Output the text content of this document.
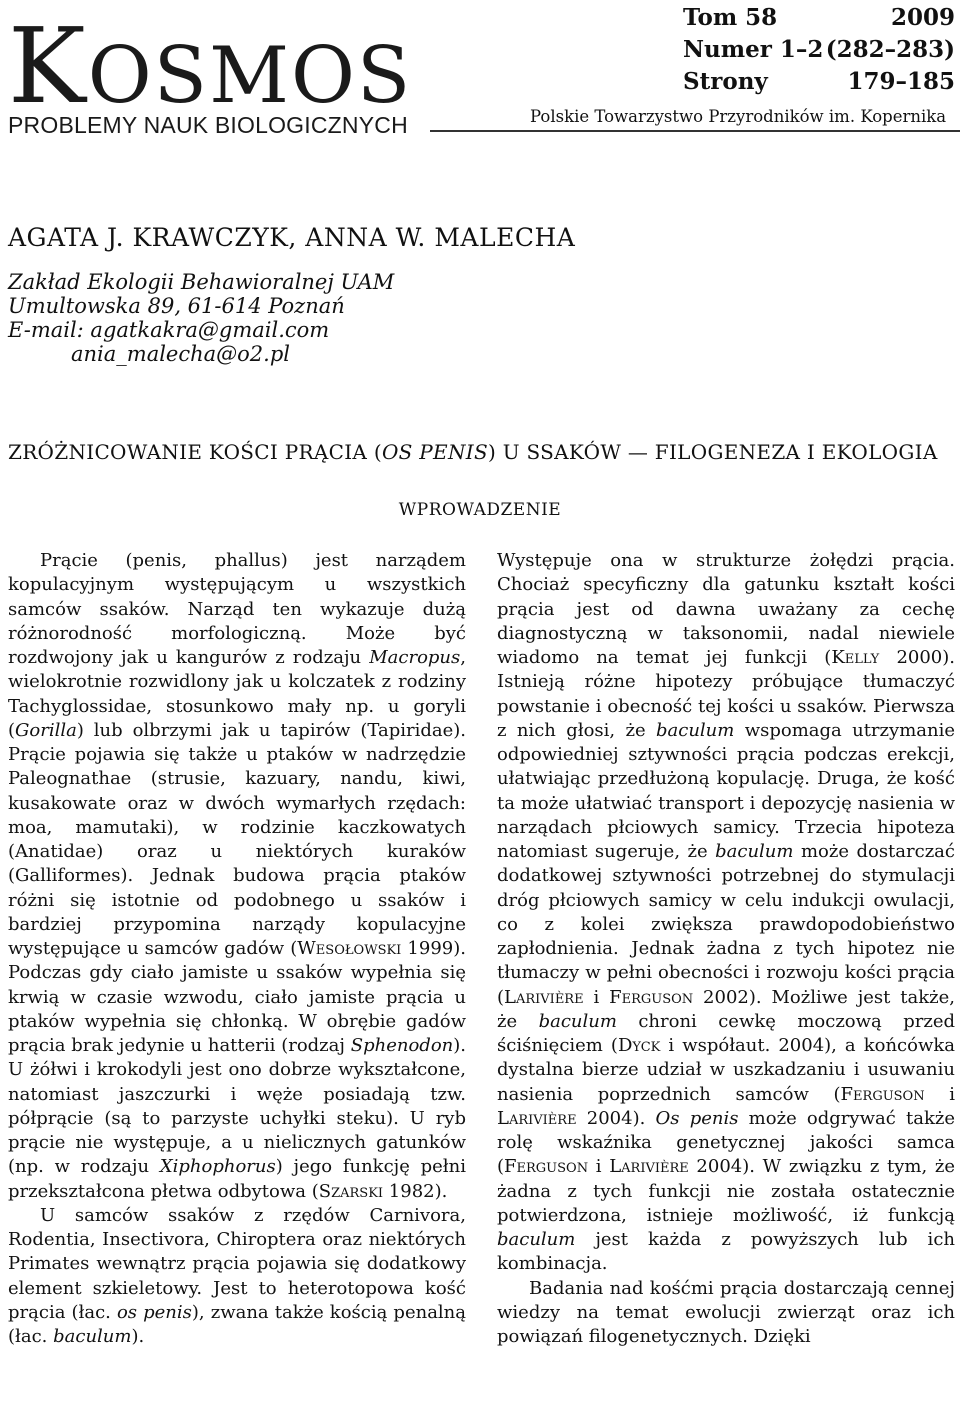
KOSMOS
PROBLEMY NAUK BIOLOGICZNYCH
Tom 58	2009
Numer 1–2 (282–283)
Strony	179–185
Polskie Towarzystwo Przyrodników im. Kopernika
AGATA J. KRAWCZYK, ANNA W. MALECHA
Zakład Ekologii Behawioralnej UAM
Umultowska 89, 61-614 Poznań
E-mail: agatkakra@gmail.com
ania_malecha@o2.pl
ZRÓŻNICOWANIE KOŚCI PRĄCIA (OS PENIS) U SSAKÓW — FILOGENEZA I EKOLOGIA
WPROWADZENIE

Prącie (penis, phallus) jest narządem kopulacyjnym występującym u wszystkich samców ssaków. Narząd ten wykazuje dużą różnorodność morfologiczną. Może być rozdwojony jak u kangurów z rodzaju Macropus, wielokrotnie rozwidlony jak u kolczatek z rodziny Tachyglossidae, stosunkowo mały np. u goryli (Gorilla) lub olbrzymi jak u tapirów (Tapiridae). Prącie pojawia się także u ptaków w nadrzędzie Paleognathae (strusie, kazuary, nandu, kiwi, kusakowate oraz w dwóch wymarłych rzędach: moa, mamutaki), w rodzinie kaczkowatych (Anatidae) oraz u niektórych kuraków (Galliformes). Jednak budowa prącia ptaków różni się istotnie od podobnego u ssaków i bardziej przypomina narządy kopulacyjne występujące u samców gadów (Wesołowski 1999). Podczas gdy ciało jamiste u ssaków wypełnia się krwią w czasie wzwodu, ciało jamiste prącia u ptaków wypełnia się chłonką. W obrębie gadów prącia brak jedynie u hatterii (rodzaj Sphenodon). U żółwi i krokodyli jest ono dobrze wykształcone, natomiast jaszczurki i węże posiadają tzw. półprącie (są to parzyste uchyłki steku). U ryb prącie nie występuje, a u nielicznych gatunków (np. w rodzaju Xiphophorus) jego funkcję pełni przekształcona płetwa odbytowa (Szarski 1982).

U samców ssaków z rzędów Carnivora, Rodentia, Insectivora, Chiroptera oraz niektórych Primates wewnątrz prącia pojawia się dodatkowy element szkieletowy. Jest to heterotopowa kość prącia (łac. os penis), zwana także kością penalną (łac. baculum).

Występuje ona w strukturze żołędzi prącia. Chociaż specyficzny dla gatunku kształt kości prącia jest od dawna uważany za cechę diagnostyczną w taksonomii, nadal niewiele wiadomo na temat jej funkcji (Kelly 2000). Istnieją różne hipotezy próbujące tłumaczyć powstanie i obecność tej kości u ssaków. Pierwsza z nich głosi, że baculum wspomaga utrzymanie odpowiedniej sztywności prącia podczas erekcji, ułatwiając przedłużoną kopulację. Druga, że kość ta może ułatwiać transport i depozycję nasienia w narządach płciowych samicy. Trzecia hipoteza natomiast sugeruje, że baculum może dostarczać dodatkowej sztywności potrzebnej do stymulacji dróg płciowych samicy w celu indukcji owulacji, co z kolei zwiększa prawdopodobieństwo zapłodnienia. Jednak żadna z tych hipotez nie tłumaczy w pełni obecności i rozwoju kości prącia (Larivière i Ferguson 2002). Możliwe jest także, że baculum chroni cewkę moczową przed ściśnięciem (Dyck i współaut. 2004), a końcówka dystalna bierze udział w uszkadzaniu i usuwaniu nasienia poprzednich samców (Ferguson i Larivière 2004). Os penis może odgrywać także rolę wskaźnika genetycznej jakości samca (Ferguson i Larivière 2004). W związku z tym, że żadna z tych funkcji nie została ostatecznie potwierdzona, istnieje możliwość, iż funkcją baculum jest każda z powyższych lub ich kombinacja.

Badania nad kośćmi prącia dostarczają cennej wiedzy na temat ewolucji zwierząt oraz ich powiązań filogenetycznych. Dzięki
